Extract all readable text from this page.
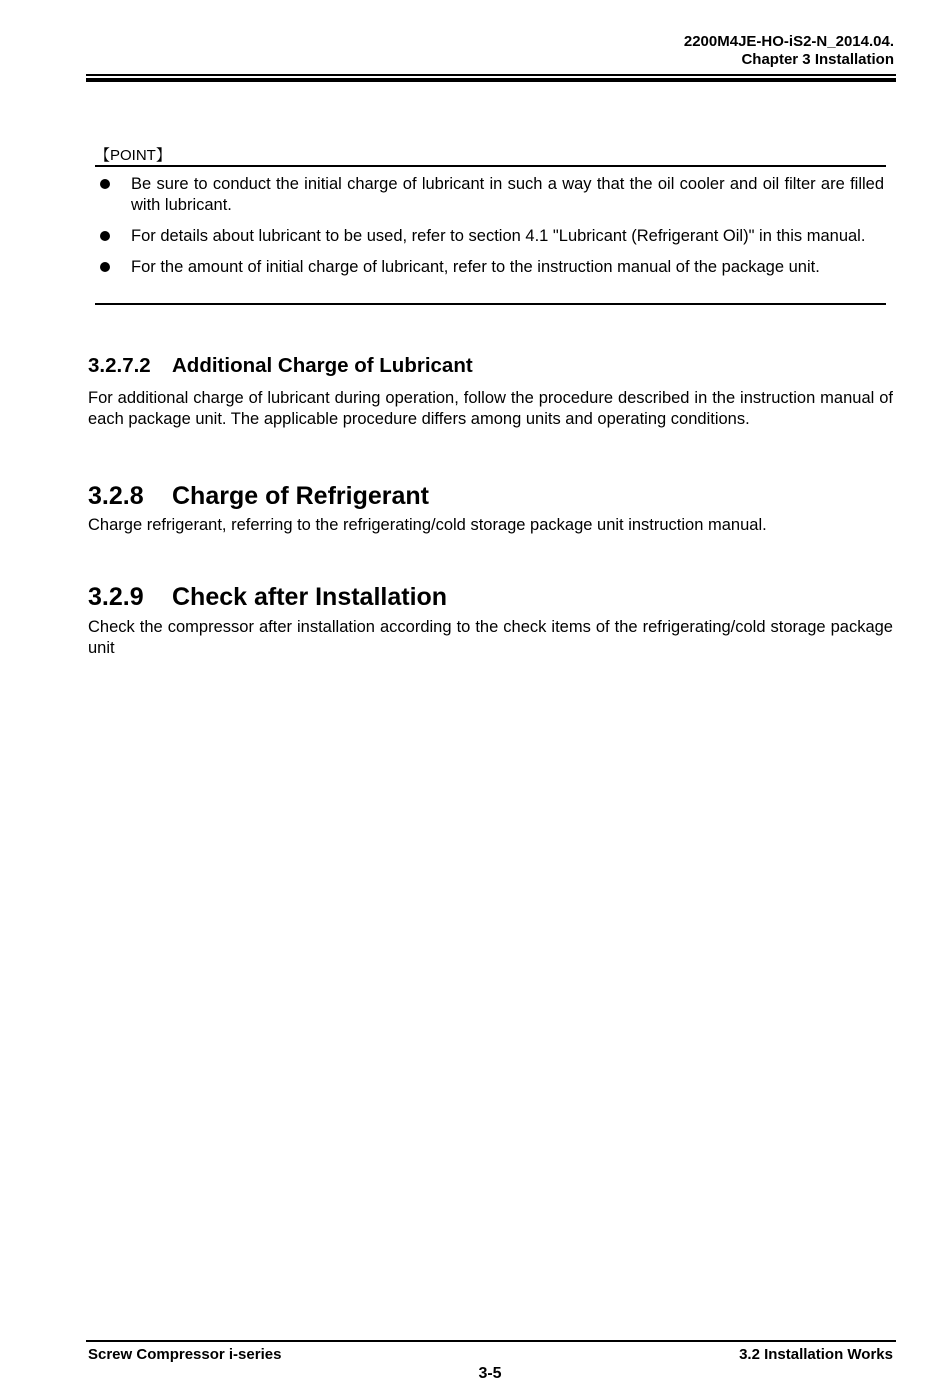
2200M4JE-HO-iS2-N_2014.04.
Chapter 3 Installation
【POINT】
Be sure to conduct the initial charge of lubricant in such a way that the oil cooler and oil filter are filled with lubricant.
For details about lubricant to be used, refer to section 4.1 "Lubricant (Refrigerant Oil)" in this manual.
For the amount of initial charge of lubricant, refer to the instruction manual of the package unit.
3.2.7.2 Additional Charge of Lubricant
For additional charge of lubricant during operation, follow the procedure described in the instruction manual of each package unit. The applicable procedure differs among units and operating conditions.
3.2.8 Charge of Refrigerant
Charge refrigerant, referring to the refrigerating/cold storage package unit instruction manual.
3.2.9 Check after Installation
Check the compressor after installation according to the check items of the refrigerating/cold storage package unit
Screw Compressor i-series	3.2 Installation Works
3-5
